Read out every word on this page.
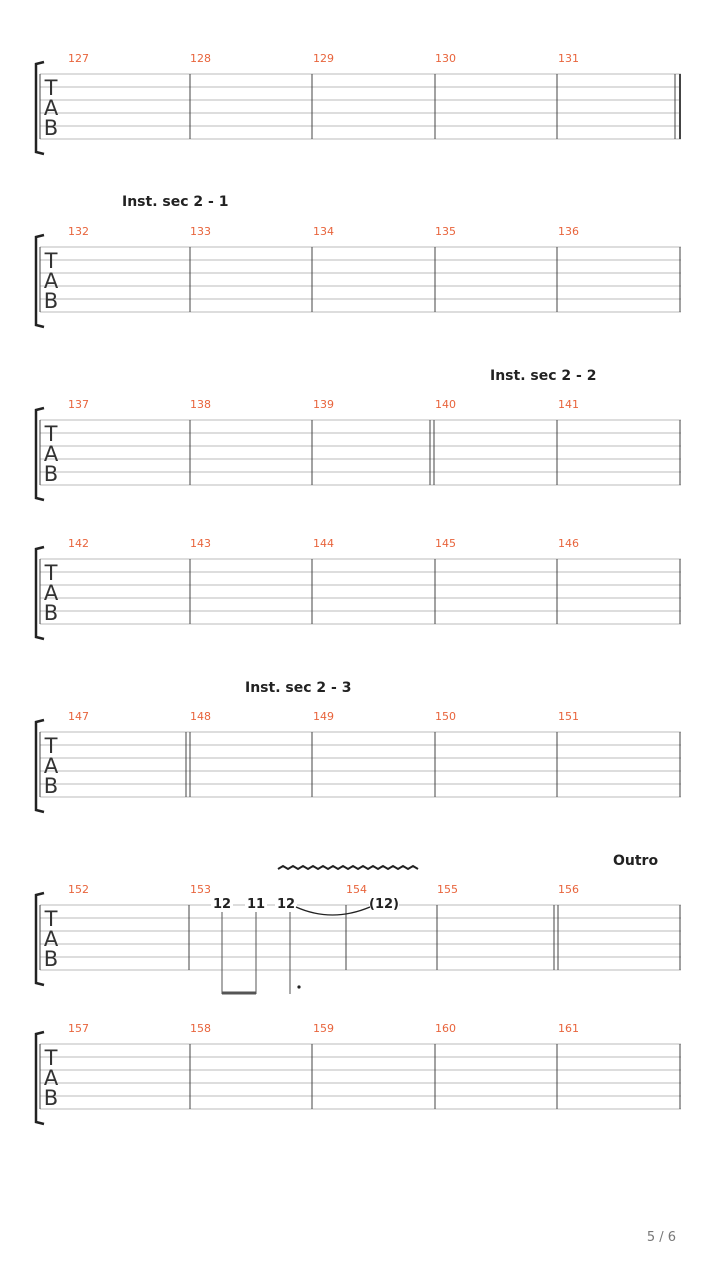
T
A
B
127	128	129	130	131
Inst. sec 2 - 1
T
A
B
132	133	134	135	136
Inst. sec 2 - 2
T
A
B
137	138	139	140	141
T
A
B
142	143	144	145	146
Inst. sec 2 - 3
T
A
B
147	148	149	150	151
Outro
T
A
B
152	153	154	155	156
12 11 12	(12)
T
A
B
157	158	159	160	161
5 / 6
